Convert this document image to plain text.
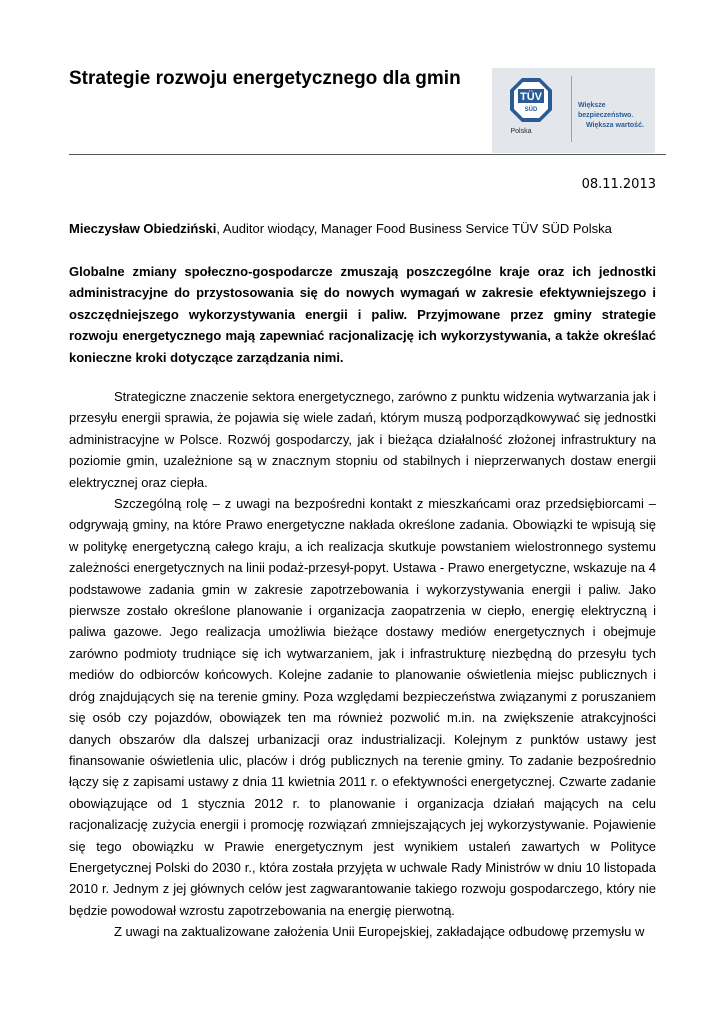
Strategie rozwoju energetycznego dla gmin
TÜV
SÜD
Polska
Większe bezpieczeństwo.
Większa wartość.
08.11.2013
Mieczysław Obiedziński, Auditor wiodący, Manager Food Business Service TÜV SÜD Polska

Globalne zmiany społeczno-gospodarcze zmuszają poszczególne kraje oraz ich jednostki administracyjne do przystosowania się do nowych wymagań w zakresie efektywniejszego i oszczędniejszego wykorzystywania energii i paliw. Przyjmowane przez gminy strategie rozwoju energetycznego mają zapewniać racjonalizację ich wykorzystywania, a także określać konieczne kroki dotyczące zarządzania nimi.

Strategiczne znaczenie sektora energetycznego, zarówno z punktu widzenia wytwarzania jak i przesyłu energii sprawia, że pojawia się wiele zadań, którym muszą podporządkowywać się jednostki administracyjne w Polsce. Rozwój gospodarczy, jak i bieżąca działalność złożonej infrastruktury na poziomie gmin, uzależnione są w znacznym stopniu od stabilnych i nieprzerwanych dostaw energii elektrycznej oraz ciepła.

Szczególną rolę – z uwagi na bezpośredni kontakt z mieszkańcami oraz przedsiębiorcami – odgrywają gminy, na które Prawo energetyczne nakłada określone zadania. Obowiązki te wpisują się w politykę energetyczną całego kraju, a ich realizacja skutkuje powstaniem wielostronnego systemu zależności energetycznych na linii podaż-przesył-popyt. Ustawa - Prawo energetyczne, wskazuje na 4 podstawowe zadania gmin w zakresie zapotrzebowania i wykorzystywania energii i paliw. Jako pierwsze zostało określone planowanie i organizacja zaopatrzenia w ciepło, energię elektryczną i paliwa gazowe. Jego realizacja umożliwia bieżące dostawy mediów energetycznych i obejmuje zarówno podmioty trudniące się ich wytwarzaniem, jak i infrastrukturę niezbędną do przesyłu tych mediów do odbiorców końcowych. Kolejne zadanie to planowanie oświetlenia miejsc publicznych i dróg znajdujących się na terenie gminy. Poza względami bezpieczeństwa związanymi z poruszaniem się osób czy pojazdów, obowiązek ten ma również pozwolić m.in. na zwiększenie atrakcyjności danych obszarów dla dalszej urbanizacji oraz industrializacji. Kolejnym z punktów ustawy jest finansowanie oświetlenia ulic, placów i dróg publicznych na terenie gminy. To zadanie bezpośrednio łączy się z zapisami ustawy z dnia 11 kwietnia 2011 r. o efektywności energetycznej. Czwarte zadanie obowiązujące od 1 stycznia 2012 r. to planowanie i organizacja działań mających na celu racjonalizację zużycia energii i promocję rozwiązań zmniejszających jej wykorzystywanie. Pojawienie się tego obowiązku w Prawie energetycznym jest wynikiem ustaleń zawartych w Polityce Energetycznej Polski do 2030 r., która została przyjęta w uchwale Rady Ministrów w dniu 10 listopada 2010 r. Jednym z jej głównych celów jest zagwarantowanie takiego rozwoju gospodarczego, który nie będzie powodował wzrostu zapotrzebowania na energię pierwotną.

Z uwagi na zaktualizowane założenia Unii Europejskiej, zakładające odbudowę przemysłu w
